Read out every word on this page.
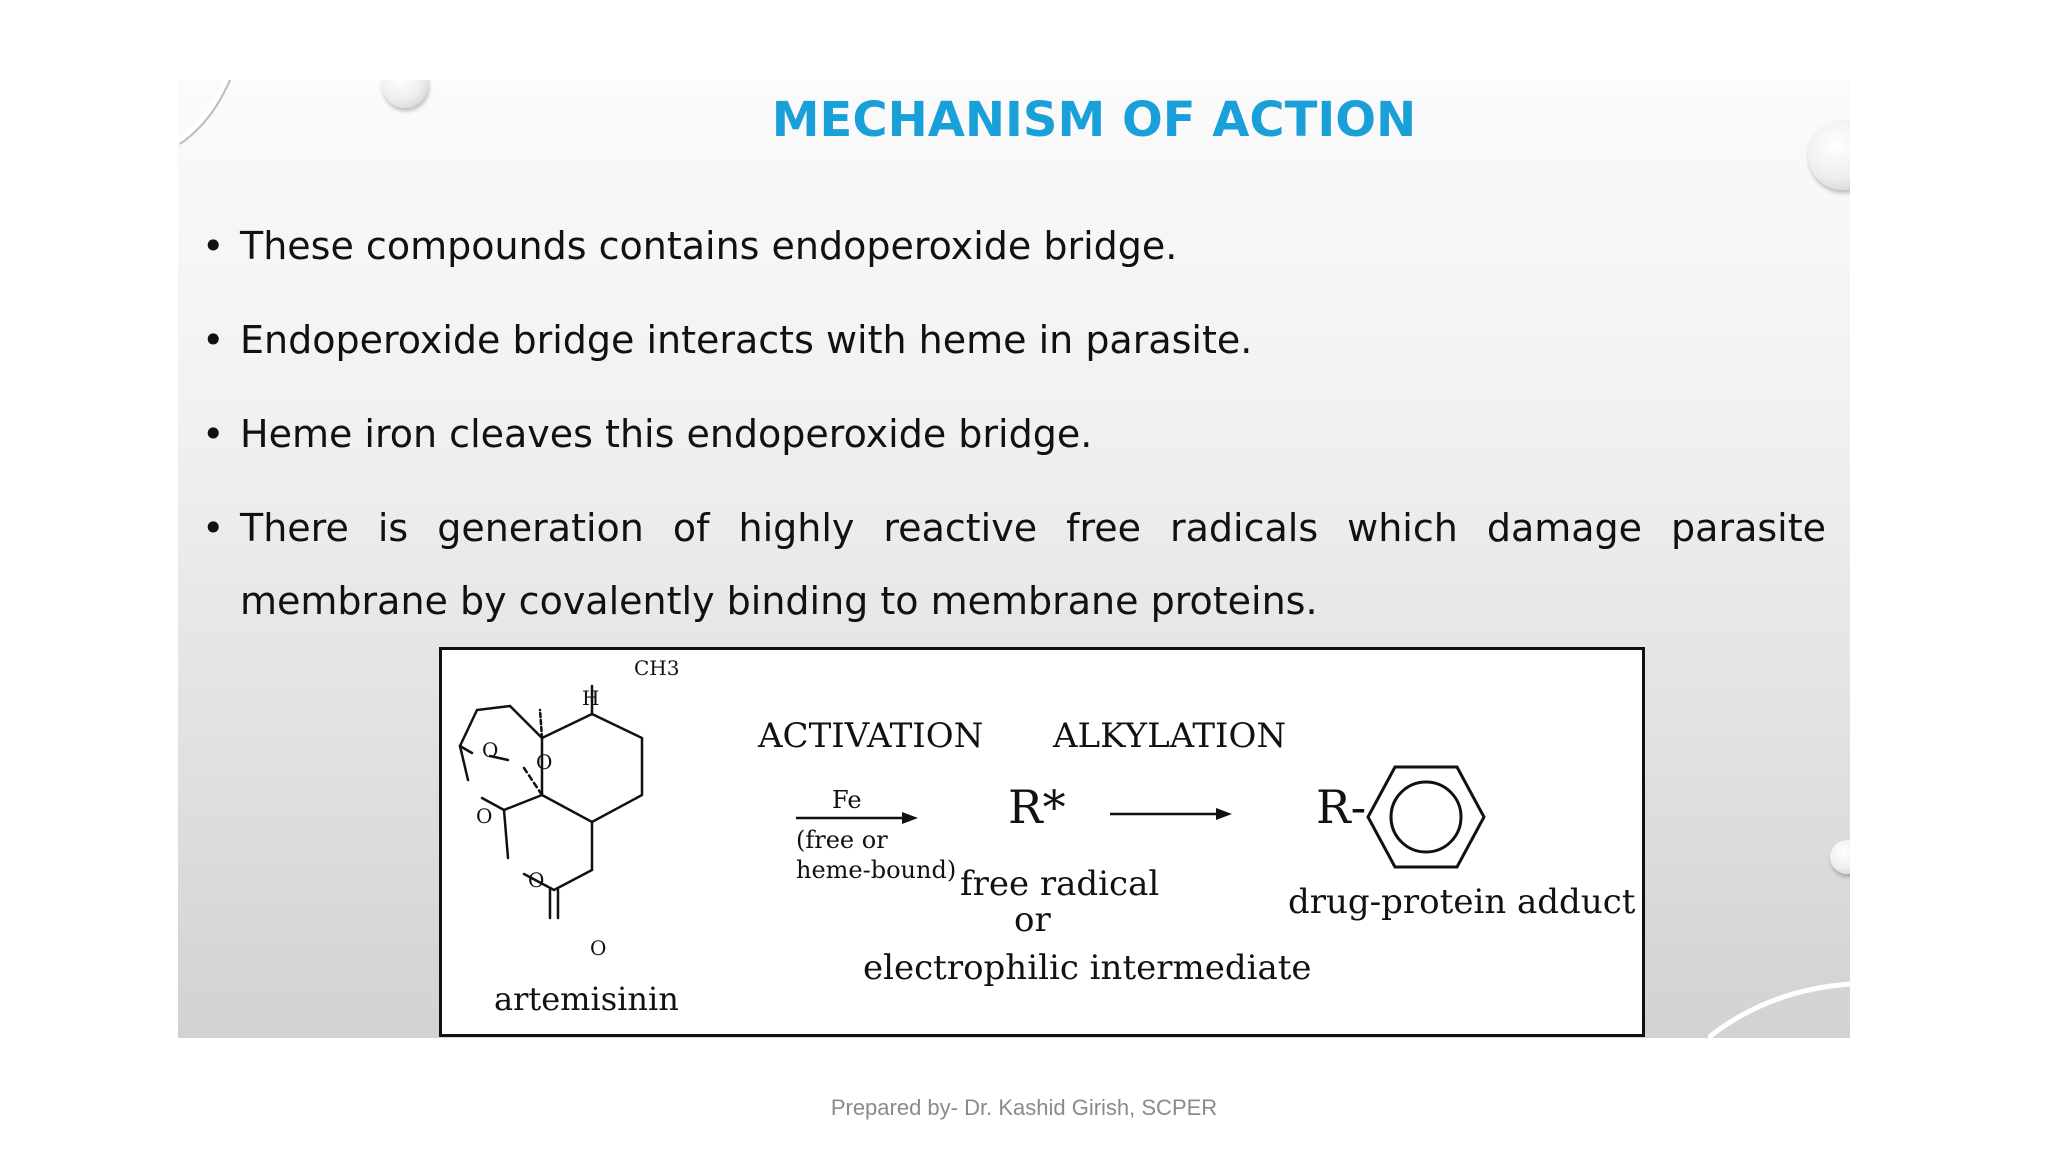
MECHANISM OF ACTION
• These compounds contains endoperoxide bridge.
• Endoperoxide bridge interacts with heme in parasite.
• Heme iron cleaves this endoperoxide bridge.
• There is generation of highly reactive free radicals which damage parasite membrane by covalently binding to membrane proteins.
CH3
H
O O
O
O
O
artemisinin
ACTIVATION ALKYLATION
Fe
(free or
heme-bound)
R*
free radical
or
electrophilic intermediate
R-
drug-protein adduct
Prepared by- Dr. Kashid Girish, SCPER
